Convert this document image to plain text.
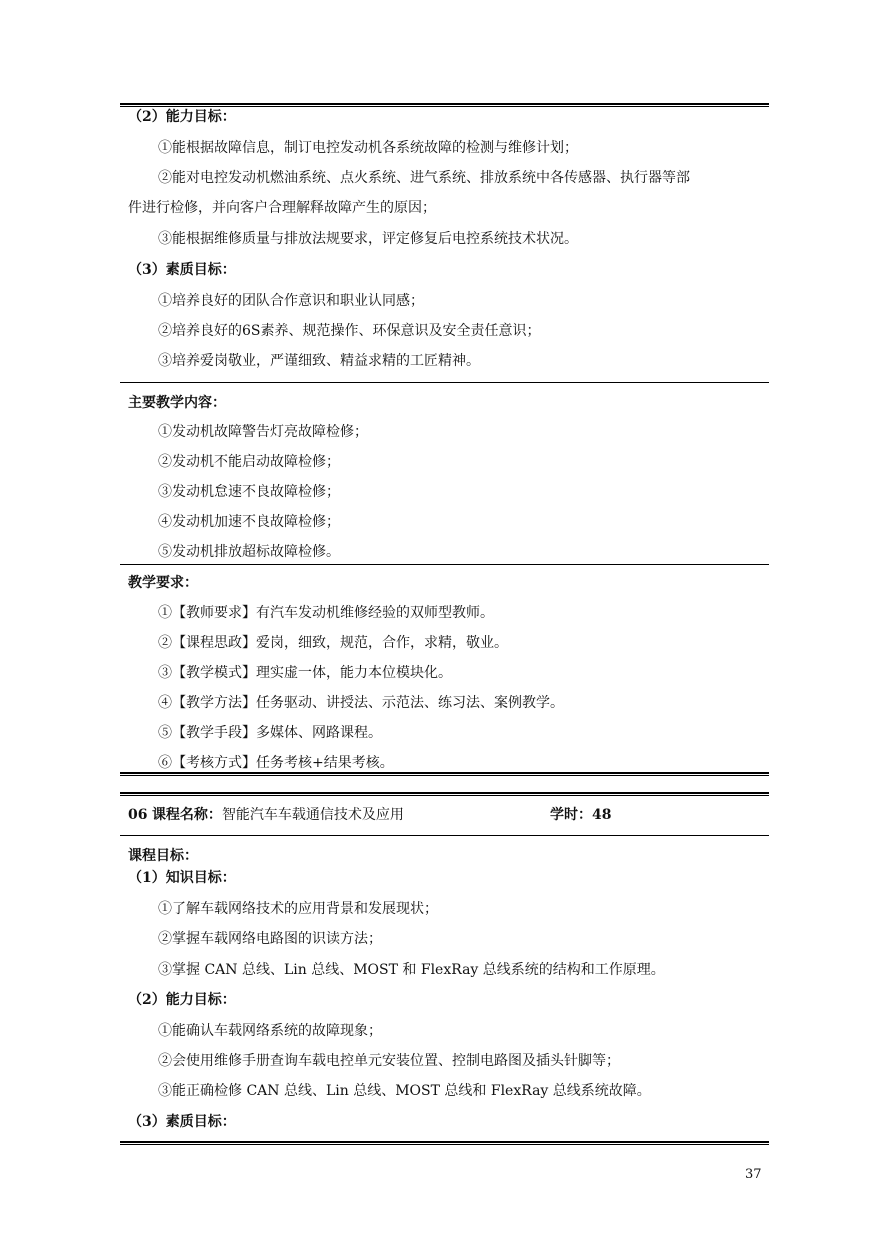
（2）能力目标：
①能根据故障信息，制订电控发动机各系统故障的检测与维修计划；
②能对电控发动机燃油系统、点火系统、进气系统、排放系统中各传感器、执行器等部
件进行检修，并向客户合理解释故障产生的原因；
③能根据维修质量与排放法规要求，评定修复后电控系统技术状况。
（3）素质目标：
①培养良好的团队合作意识和职业认同感；
②培养良好的6S素养、规范操作、环保意识及安全责任意识；
③培养爱岗敬业，严谨细致、精益求精的工匠精神。
主要教学内容：
①发动机故障警告灯亮故障检修；
②发动机不能启动故障检修；
③发动机怠速不良故障检修；
④发动机加速不良故障检修；
⑤发动机排放超标故障检修。
教学要求：
①【教师要求】有汽车发动机维修经验的双师型教师。
②【课程思政】爱岗，细致，规范，合作，求精，敬业。
③【教学模式】理实虚一体，能力本位模块化。
④【教学方法】任务驱动、讲授法、示范法、练习法、案例教学。
⑤【教学手段】多媒体、网路课程。
⑥【考核方式】任务考核+结果考核。
06 课程名称：智能汽车车载通信技术及应用	学时：48
课程目标：
（1）知识目标：
①了解车载网络技术的应用背景和发展现状；
②掌握车载网络电路图的识读方法；
③掌握 CAN 总线、Lin 总线、MOST 和 FlexRay 总线系统的结构和工作原理。
（2）能力目标：
①能确认车载网络系统的故障现象；
②会使用维修手册查询车载电控单元安装位置、控制电路图及插头针脚等；
③能正确检修 CAN 总线、Lin 总线、MOST 总线和 FlexRay 总线系统故障。
（3）素质目标：
37
